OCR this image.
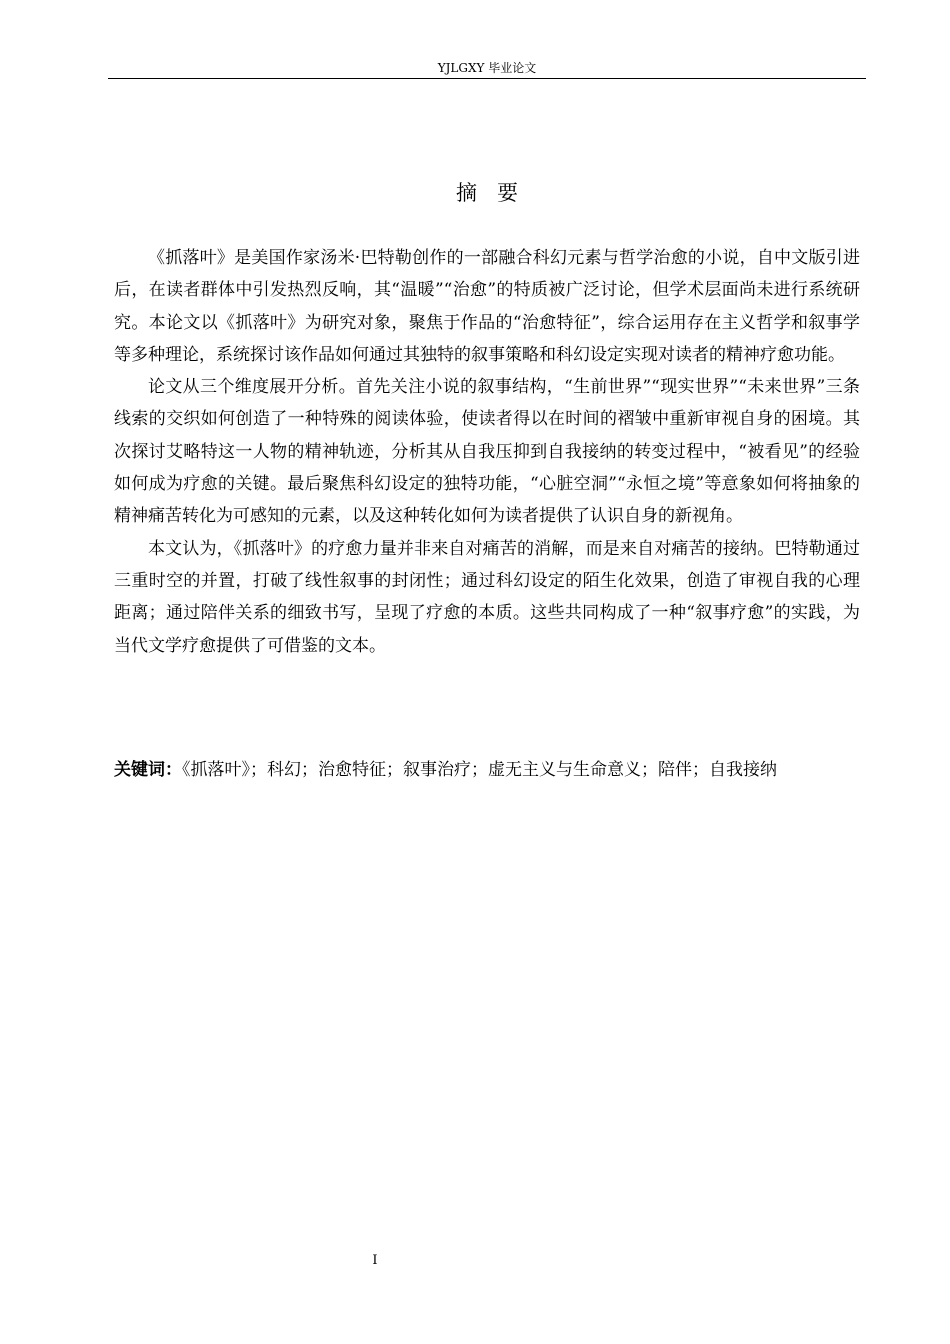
YJLGXY 毕业论文
摘要

《抓落叶》是美国作家汤米·巴特勒创作的一部融合科幻元素与哲学治愈的小说，自中文版引进后，在读者群体中引发热烈反响，其“温暖”“治愈”的特质被广泛讨论，但学术层面尚未进行系统研究。本论文以《抓落叶》为研究对象，聚焦于作品的“治愈特征”，综合运用存在主义哲学和叙事学等多种理论，系统探讨该作品如何通过其独特的叙事策略和科幻设定实现对读者的精神疗愈功能。

论文从三个维度展开分析。首先关注小说的叙事结构，“生前世界”“现实世界”“未来世界”三条线索的交织如何创造了一种特殊的阅读体验，使读者得以在时间的褶皱中重新审视自身的困境。其次探讨艾略特这一人物的精神轨迹，分析其从自我压抑到自我接纳的转变过程中，“被看见”的经验如何成为疗愈的关键。最后聚焦科幻设定的独特功能，“心脏空洞”“永恒之境”等意象如何将抽象的精神痛苦转化为可感知的元素，以及这种转化如何为读者提供了认识自身的新视角。

本文认为，《抓落叶》的疗愈力量并非来自对痛苦的消解，而是来自对痛苦的接纳。巴特勒通过三重时空的并置，打破了线性叙事的封闭性；通过科幻设定的陌生化效果，创造了审视自我的心理距离；通过陪伴关系的细致书写，呈现了疗愈的本质。这些共同构成了一种“叙事疗愈”的实践，为当代文学疗愈提供了可借鉴的文本。

关键词：《抓落叶》；科幻；治愈特征；叙事治疗；虚无主义与生命意义；陪伴；自我接纳
I
